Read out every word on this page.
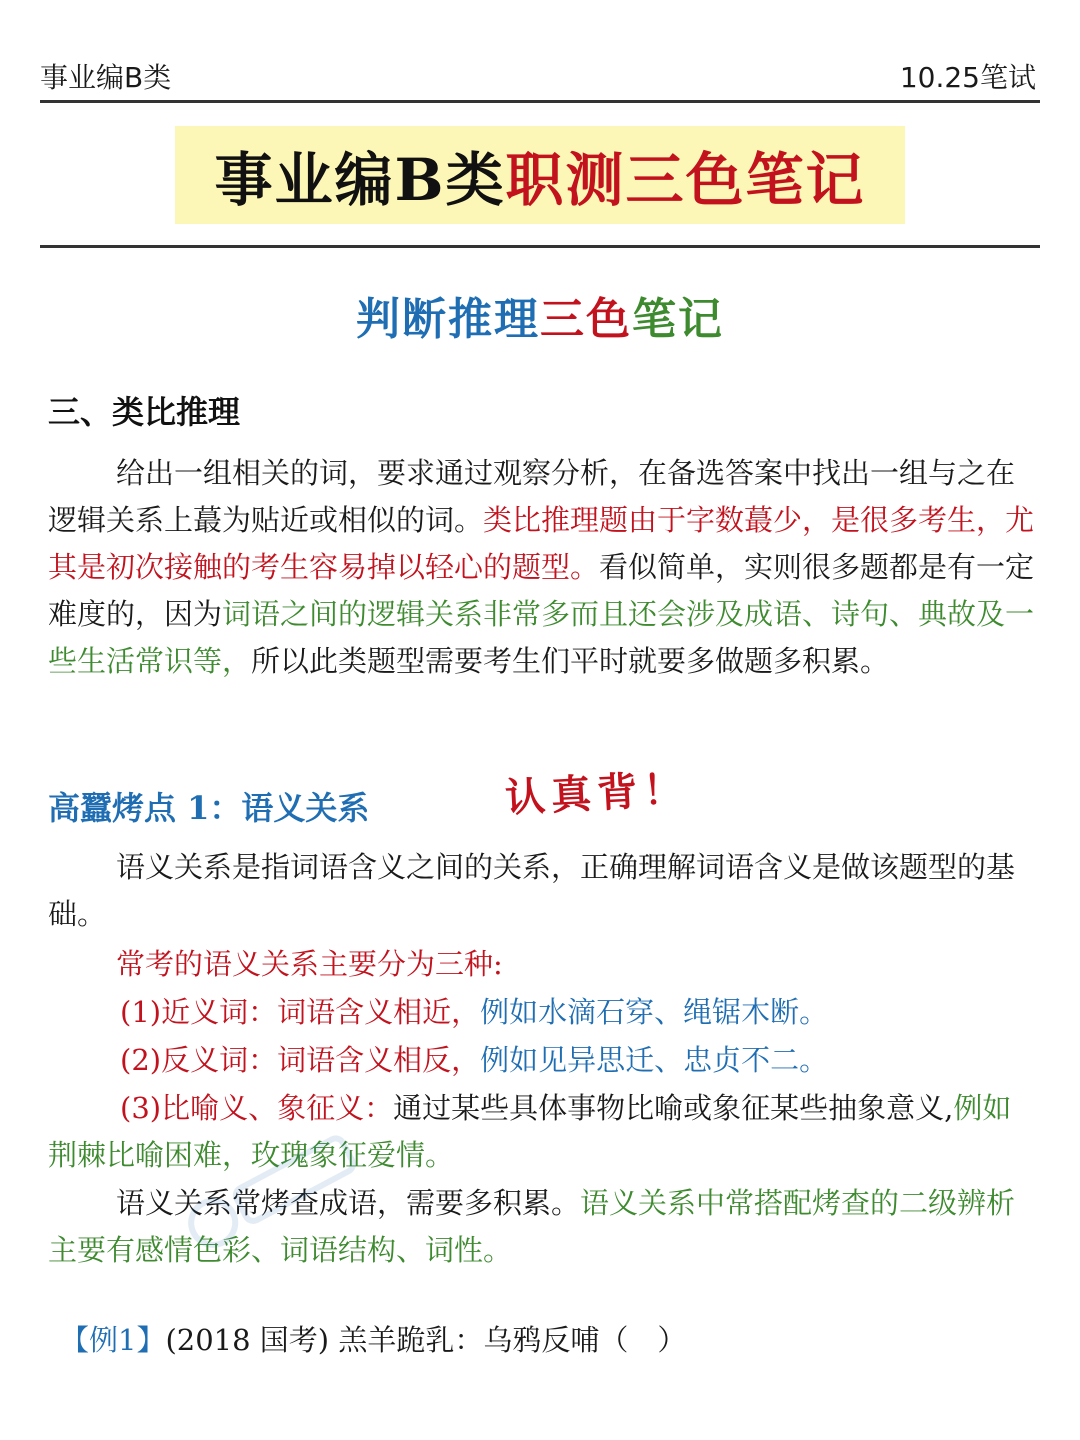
事业编B类	10.25笔试
事业编B类 职测三色笔记
判断推理三色笔记
三、类比推理
给出一组相关的词，要求通过观察分析，在备选答案中找出一组与之在逻辑关系上蕞为贴近或相似的词。类比推理题由于字数蕞少，是很多考生，尤其是初次接触的考生容易掉以轻心的题型。看似简单，实则很多题都是有一定难度的，因为词语之间的逻辑关系非常多而且还会涉及成语、诗句、典故及一些生活常识等，所以此类题型需要考生们平时就要多做题多积累。
高蠶烤点 1：语义关系	认真背！
语义关系是指词语含义之间的关系，正确理解词语含义是做该题型的基础。
常考的语义关系主要分为三种:
(1)近义词：词语含义相近，例如水滴石穿、绳锯木断。
(2)反义词：词语含义相反，例如见异思迁、忠贞不二。
(3)比喻义、象征义：通过某些具体事物比喻或象征某些抽象意义,例如荆棘比喻困难，玫瑰象征爱情。
语义关系常烤查成语，需要多积累。语义关系中常搭配烤查的二级辨析主要有感情色彩、词语结构、词性。
【例1】(2018 国考) 羔羊跪乳：乌鸦反哺（　）
